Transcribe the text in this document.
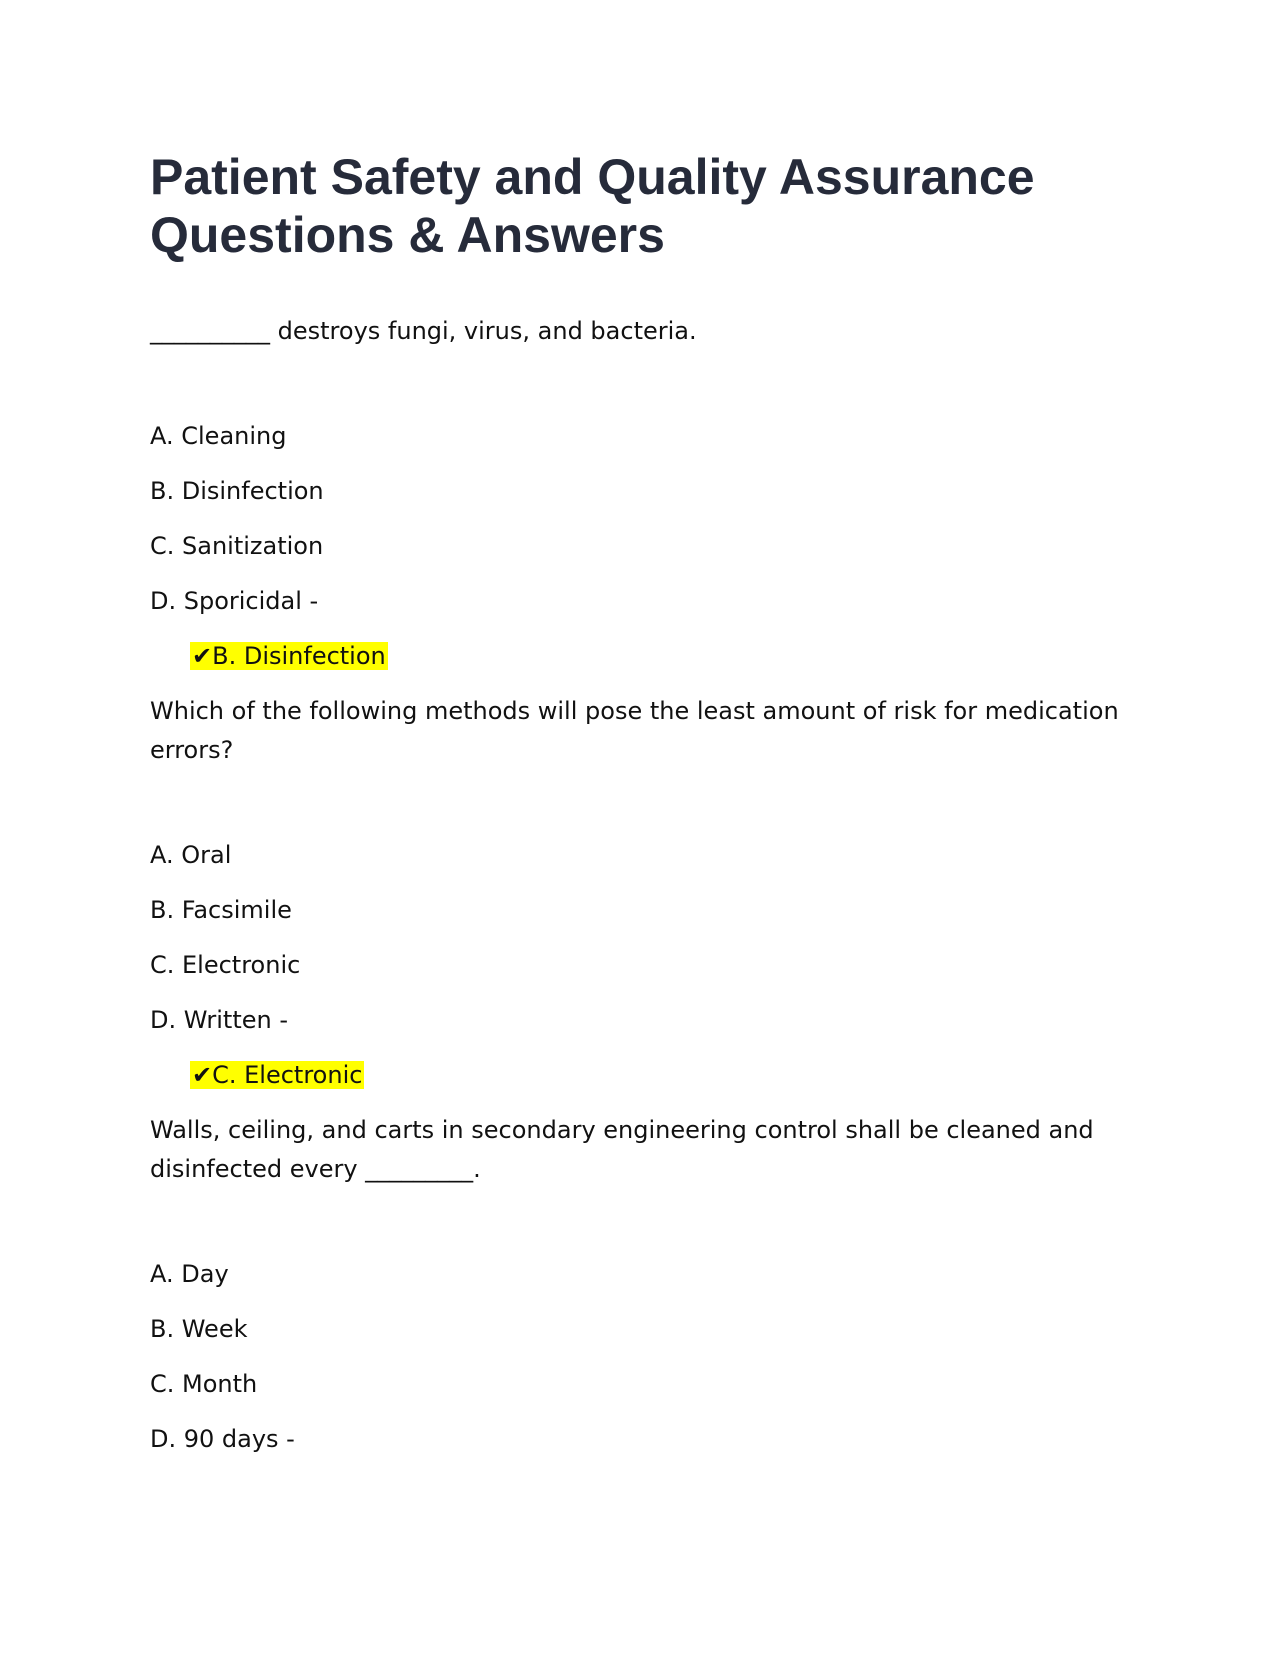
Patient Safety and Quality Assurance Questions & Answers

__________ destroys fungi, virus, and bacteria.

A. Cleaning

B. Disinfection

C. Sanitization

D. Sporicidal -

✔B. Disinfection

Which of the following methods will pose the least amount of risk for medication errors?

A. Oral

B. Facsimile

C. Electronic

D. Written -

✔C. Electronic

Walls, ceiling, and carts in secondary engineering control shall be cleaned and disinfected every _________.

A. Day

B. Week

C. Month

D. 90 days -
